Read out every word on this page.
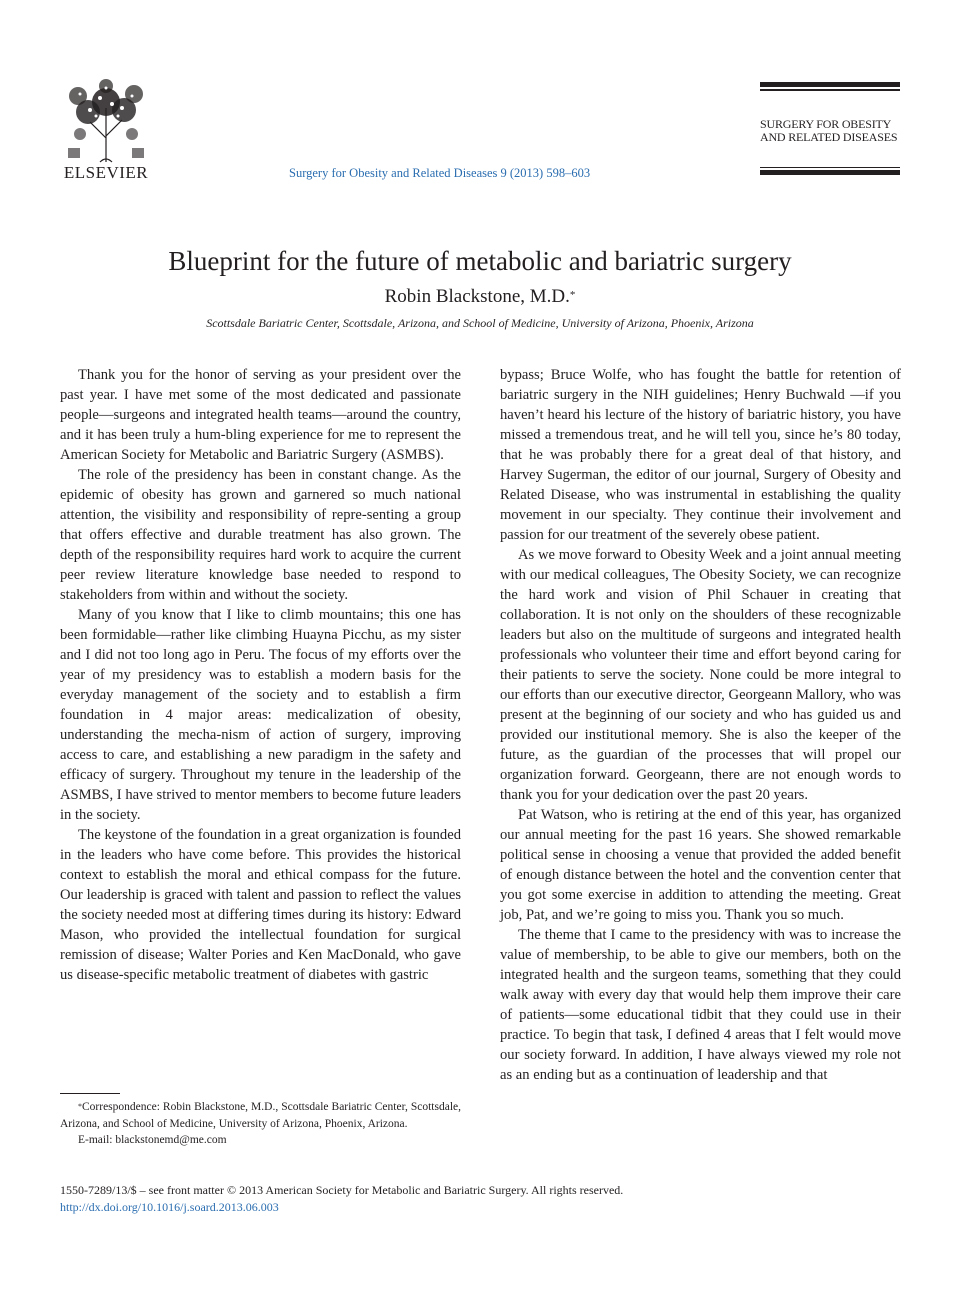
ELSEVIER	Surgery for Obesity and Related Diseases 9 (2013) 598–603
SURGERY FOR OBESITY
AND RELATED DISEASES
Blueprint for the future of metabolic and bariatric surgery
Robin Blackstone, M.D.*
Scottsdale Bariatric Center, Scottsdale, Arizona, and School of Medicine, University of Arizona, Phoenix, Arizona

Thank you for the honor of serving as your president over the past year. I have met some of the most dedicated and passionate people—surgeons and integrated health teams—around the country, and it has been truly a hum-bling experience for me to represent the American Society for Metabolic and Bariatric Surgery (ASMBS).

The role of the presidency has been in constant change. As the epidemic of obesity has grown and garnered so much national attention, the visibility and responsibility of repre-senting a group that offers effective and durable treatment has also grown. The depth of the responsibility requires hard work to acquire the current peer review literature knowledge base needed to respond to stakeholders from within and without the society.

Many of you know that I like to climb mountains; this one has been formidable—rather like climbing Huayna Picchu, as my sister and I did not too long ago in Peru. The focus of my efforts over the year of my presidency was to establish a modern basis for the everyday management of the society and to establish a firm foundation in 4 major areas: medicalization of obesity, understanding the mecha-nism of action of surgery, improving access to care, and establishing a new paradigm in the safety and efficacy of surgery. Throughout my tenure in the leadership of the ASMBS, I have strived to mentor members to become future leaders in the society.

The keystone of the foundation in a great organization is founded in the leaders who have come before. This provides the historical context to establish the moral and ethical compass for the future. Our leadership is graced with talent and passion to reflect the values the society needed most at differing times during its history: Edward Mason, who provided the intellectual foundation for surgical remission of disease; Walter Pories and Ken MacDonald, who gave us disease-specific metabolic treatment of diabetes with gastric

bypass; Bruce Wolfe, who has fought the battle for retention of bariatric surgery in the NIH guidelines; Henry Buchwald —if you haven’t heard his lecture of the history of bariatric history, you have missed a tremendous treat, and he will tell you, since he’s 80 today, that he was probably there for a great deal of that history, and Harvey Sugerman, the editor of our journal, Surgery of Obesity and Related Disease, who was instrumental in establishing the quality movement in our specialty. They continue their involvement and passion for our treatment of the severely obese patient.

As we move forward to Obesity Week and a joint annual meeting with our medical colleagues, The Obesity Society, we can recognize the hard work and vision of Phil Schauer in creating that collaboration. It is not only on the shoulders of these recognizable leaders but also on the multitude of surgeons and integrated health professionals who volunteer their time and effort beyond caring for their patients to serve the society. None could be more integral to our efforts than our executive director, Georgeann Mallory, who was present at the beginning of our society and who has guided us and provided our institutional memory. She is also the keeper of the future, as the guardian of the processes that will propel our organization forward. Georgeann, there are not enough words to thank you for your dedication over the past 20 years.

Pat Watson, who is retiring at the end of this year, has organized our annual meeting for the past 16 years. She showed remarkable political sense in choosing a venue that provided the added benefit of enough distance between the hotel and the convention center that you got some exercise in addition to attending the meeting. Great job, Pat, and we’re going to miss you. Thank you so much.

The theme that I came to the presidency with was to increase the value of membership, to be able to give our members, both on the integrated health and the surgeon teams, something that they could walk away with every day that would help them improve their care of patients—some educational tidbit that they could use in their practice. To begin that task, I defined 4 areas that I felt would move our society forward. In addition, I have always viewed my role not as an ending but as a continuation of leadership and that

*Correspondence: Robin Blackstone, M.D., Scottsdale Bariatric Center, Scottsdale, Arizona, and School of Medicine, University of Arizona, Phoenix, Arizona.

E-mail: blackstonemd@me.com

1550-7289/13/$ – see front matter © 2013 American Society for Metabolic and Bariatric Surgery. All rights reserved.
http://dx.doi.org/10.1016/j.soard.2013.06.003
